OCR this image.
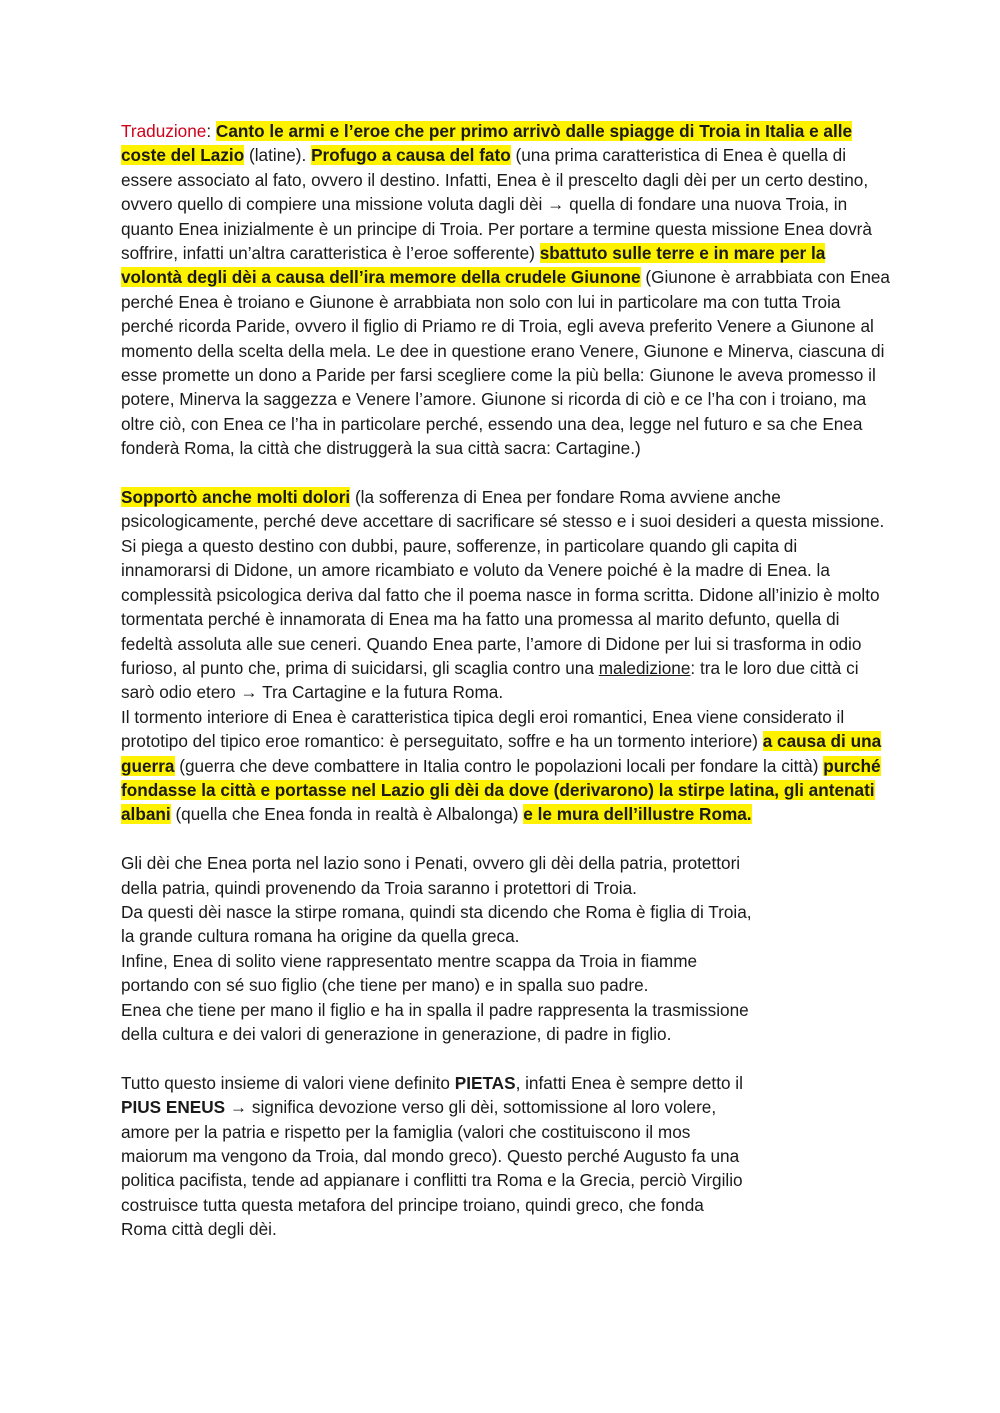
Traduzione: Canto le armi e l’eroe che per primo arrivò dalle spiagge di Troia in Italia e alle coste del Lazio (latine). Profugo a causa del fato (una prima caratteristica di Enea è quella di essere associato al fato, ovvero il destino. Infatti, Enea è il prescelto dagli dèi per un certo destino, ovvero quello di compiere una missione voluta dagli dèi → quella di fondare una nuova Troia, in quanto Enea inizialmente è un principe di Troia. Per portare a termine questa missione Enea dovrà soffrire, infatti un’altra caratteristica è l’eroe sofferente) sbattuto sulle terre e in mare per la volontà degli dèi a causa dell’ira memore della crudele Giunone (Giunone è arrabbiata con Enea perché Enea è troiano e Giunone è arrabbiata non solo con lui in particolare ma con tutta Troia perché ricorda Paride, ovvero il figlio di Priamo re di Troia, egli aveva preferito Venere a Giunone al momento della scelta della mela. Le dee in questione erano Venere, Giunone e Minerva, ciascuna di esse promette un dono a Paride per farsi scegliere come la più bella: Giunone le aveva promesso il potere, Minerva la saggezza e Venere l’amore. Giunone si ricorda di ciò e ce l’ha con i troiano, ma oltre ciò, con Enea ce l’ha in particolare perché, essendo una dea, legge nel futuro e sa che Enea fonderà Roma, la città che distruggerà la sua città sacra: Cartagine.)

Sopportò anche molti dolori (la sofferenza di Enea per fondare Roma avviene anche psicologicamente, perché deve accettare di sacrificare sé stesso e i suoi desideri a questa missione. Si piega a questo destino con dubbi, paure, sofferenze, in particolare quando gli capita di innamorarsi di Didone, un amore ricambiato e voluto da Venere poiché è la madre di Enea. la complessità psicologica deriva dal fatto che il poema nasce in forma scritta. Didone all’inizio è molto tormentata perché è innamorata di Enea ma ha fatto una promessa al marito defunto, quella di fedeltà assoluta alle sue ceneri. Quando Enea parte, l’amore di Didone per lui si trasforma in odio furioso, al punto che, prima di suicidarsi, gli scaglia contro una maledizione: tra le loro due città ci sarò odio etero → Tra Cartagine e la futura Roma.
Il tormento interiore di Enea è caratteristica tipica degli eroi romantici, Enea viene considerato il prototipo del tipico eroe romantico: è perseguitato, soffre e ha un tormento interiore) a causa di una guerra (guerra che deve combattere in Italia contro le popolazioni locali per fondare la città) purché fondasse la città e portasse nel Lazio gli dèi da dove (derivarono) la stirpe latina, gli antenati albani (quella che Enea fonda in realtà è Albalonga) e le mura dell’illustre Roma.

Gli dèi che Enea porta nel lazio sono i Penati, ovvero gli dèi della patria, protettori
della patria, quindi provenendo da Troia saranno i protettori di Troia.
Da questi dèi nasce la stirpe romana, quindi sta dicendo che Roma è figlia di Troia,
la grande cultura romana ha origine da quella greca.
Infine, Enea di solito viene rappresentato mentre scappa da Troia in fiamme
portando con sé suo figlio (che tiene per mano) e in spalla suo padre.
Enea che tiene per mano il figlio e ha in spalla il padre rappresenta la trasmissione
della cultura e dei valori di generazione in generazione, di padre in figlio.

Tutto questo insieme di valori viene definito PIETAS, infatti Enea è sempre detto il
PIUS ENEUS → significa devozione verso gli dèi, sottomissione al loro volere,
amore per la patria e rispetto per la famiglia (valori che costituiscono il mos
maiorum ma vengono da Troia, dal mondo greco). Questo perché Augusto fa una
politica pacifista, tende ad appianare i conflitti tra Roma e la Grecia, perciò Virgilio
costruisce tutta questa metafora del principe troiano, quindi greco, che fonda
Roma città degli dèi.
